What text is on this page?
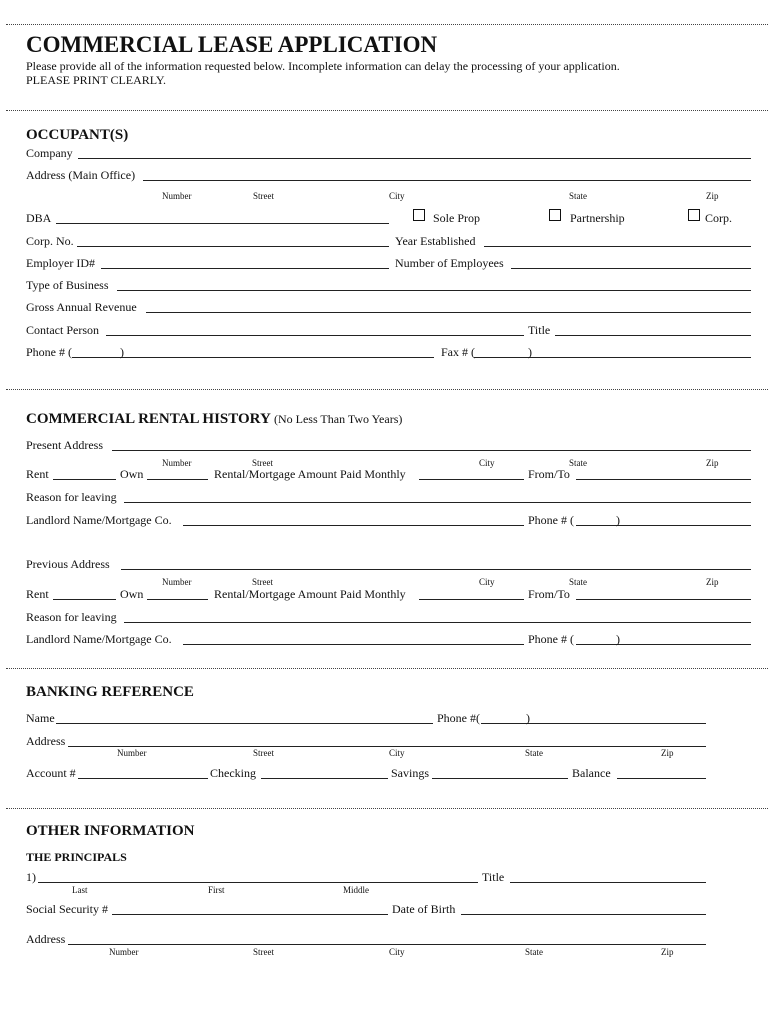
COMMERCIAL LEASE APPLICATION
Please provide all of the information requested below. Incomplete information can delay the processing of your application.
PLEASE PRINT CLEARLY.
OCCUPANT(S)
Company
Address (Main Office)
Number	Street	City	State	Zip
DBA	Sole Prop	Partnership	Corp.
Corp. No.	Year Established
Employer ID#	Number of Employees
Type of Business
Gross Annual Revenue
Contact Person	Title
Phone # (	)	Fax # (	)
COMMERCIAL RENTAL HISTORY (No Less Than Two Years)
Present Address
Number	Street	City	State	Zip
Rent	Own	Rental/Mortgage Amount Paid Monthly	From/To
Reason for leaving
Landlord Name/Mortgage Co.	Phone # (	)
Previous Address
Number	Street	City	State	Zip
Rent	Own	Rental/Mortgage Amount Paid Monthly	From/To
Reason for leaving
Landlord Name/Mortgage Co.	Phone # (	)
BANKING REFERENCE
Name	Phone #(	)
Address
Number	Street	City	State	Zip
Account #	Checking	Savings	Balance
OTHER INFORMATION
THE PRINCIPALS
1)	Title
Last	First	Middle
Social Security #	Date of Birth
Address
Number	Street	City	State	Zip
